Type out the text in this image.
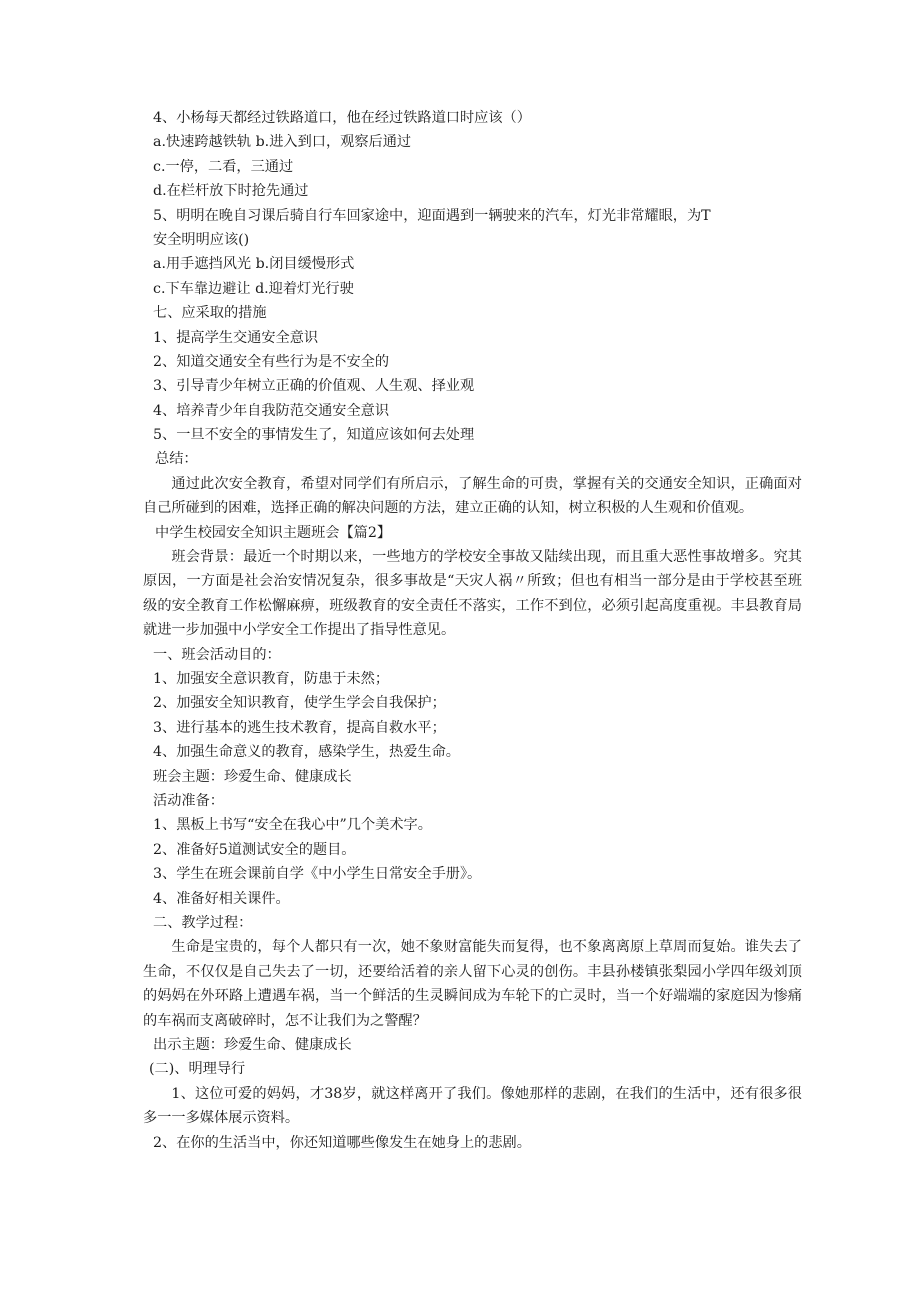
4、小杨每天都经过铁路道口，他在经过铁路道口时应该（）
a.快速跨越铁轨 b.进入到口，观察后通过
c.一停，二看，三通过
d.在栏杆放下时抢先通过
5、明明在晚自习课后骑自行车回家途中，迎面遇到一辆驶来的汽车，灯光非常耀眼，为T
安全明明应该()
a.用手遮挡风光 b.闭目缓慢形式
c.下车靠边避让 d.迎着灯光行驶
七、应采取的措施
1、提高学生交通安全意识
2、知道交通安全有些行为是不安全的
3、引导青少年树立正确的价值观、人生观、择业观
4、培养青少年自我防范交通安全意识
5、一旦不安全的事情发生了，知道应该如何去处理
总结：

通过此次安全教育，希望对同学们有所启示，了解生命的可贵，掌握有关的交通安全知识，正确面对自己所碰到的困难，选择正确的解决问题的方法，建立正确的认知，树立积极的人生观和价值观。

中学生校园安全知识主题班会【篇2】

班会背景：最近一个时期以来，一些地方的学校安全事故又陆续出现，而且重大恶性事故增多。究其原因，一方面是社会治安情况复杂，很多事故是“天灾人祸〃所致；但也有相当一部分是由于学校甚至班级的安全教育工作松懈麻痹，班级教育的安全责任不落实，工作不到位，必须引起高度重视。丰县教育局就进一步加强中小学安全工作提出了指导性意见。

一、班会活动目的：
1、加强安全意识教育，防患于未然；
2、加强安全知识教育，使学生学会自我保护；
3、进行基本的逃生技术教育，提高自救水平；
4、加强生命意义的教育，感染学生，热爱生命。
班会主题：珍爱生命、健康成长
活动准备：
1、黑板上书写“安全在我心中”几个美术字。
2、准备好5道测试安全的题目。
3、学生在班会课前自学《中小学生日常安全手册》。
4、准备好相关课件。
二、教学过程：

生命是宝贵的，每个人都只有一次，她不象财富能失而复得，也不象离离原上草周而复始。谁失去了生命，不仅仅是自己失去了一切，还要给活着的亲人留下心灵的创伤。丰县孙楼镇张梨园小学四年级刘顶的妈妈在外环路上遭遇车祸，当一个鲜活的生灵瞬间成为车轮下的亡灵时，当一个好端端的家庭因为惨痛的车祸而支离破碎时，怎不让我们为之警醒？

出示主题：珍爱生命、健康成长
(二)、明理导行

1、这位可爱的妈妈，才38岁，就这样离开了我们。像她那样的悲剧，在我们的生活中，还有很多很多一一多媒体展示资料。

2、在你的生活当中，你还知道哪些像发生在她身上的悲剧。
